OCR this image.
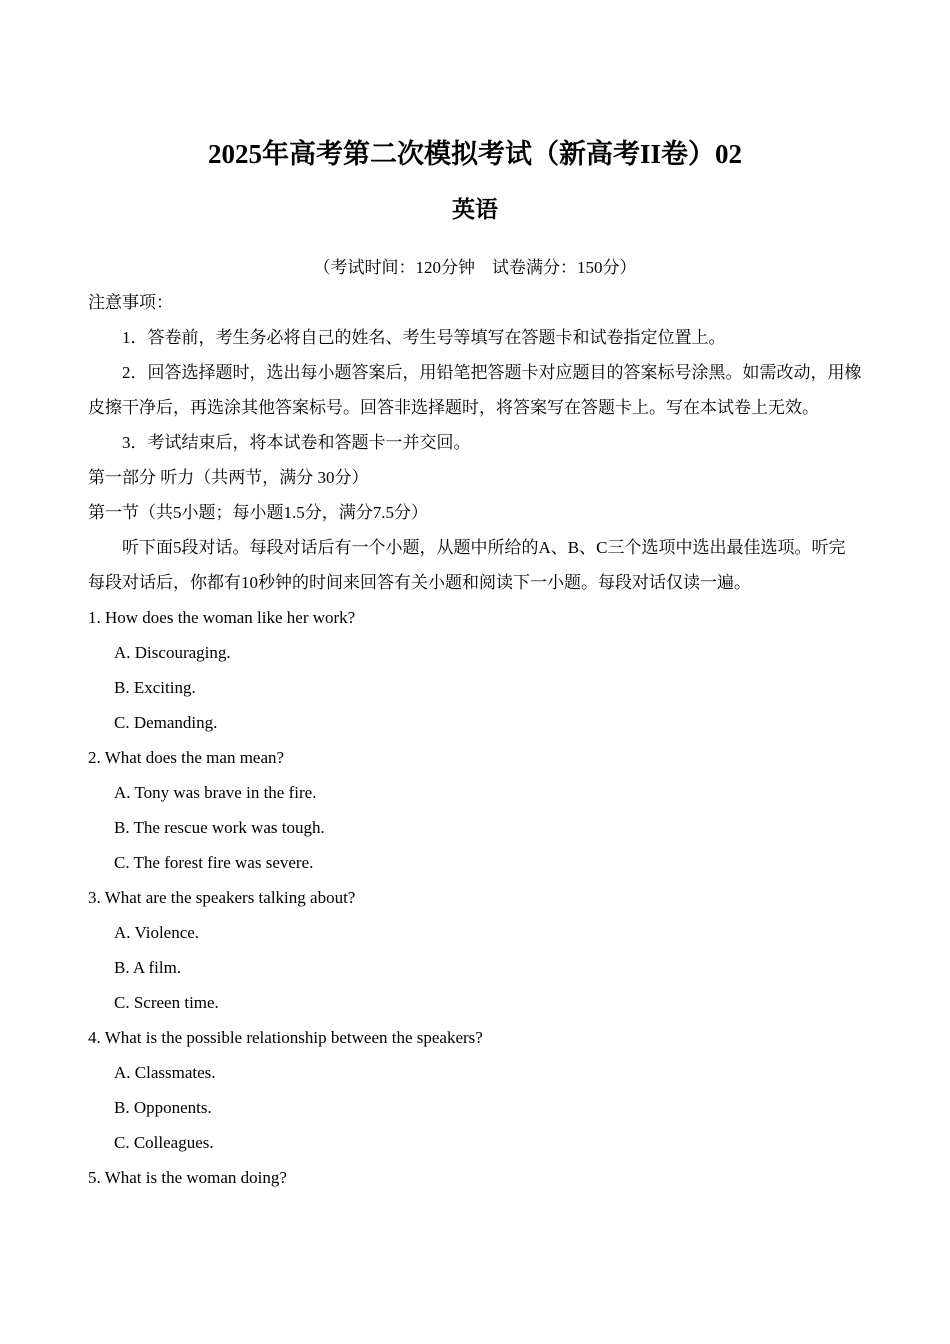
2025年高考第二次模拟考试（新高考II卷）02
英语

（考试时间：120分钟　试卷满分：150分）

注意事项：

1．答卷前，考生务必将自己的姓名、考生号等填写在答题卡和试卷指定位置上。

2．回答选择题时，选出每小题答案后，用铅笔把答题卡对应题目的答案标号涂黑。如需改动，用橡皮擦干净后，再选涂其他答案标号。回答非选择题时，将答案写在答题卡上。写在本试卷上无效。

3．考试结束后，将本试卷和答题卡一并交回。

第一部分 听力（共两节，满分 30分）

第一节（共5小题；每小题1.5分，满分7.5分）

听下面5段对话。每段对话后有一个小题，从题中所给的A、B、C三个选项中选出最佳选项。听完每段对话后，你都有10秒钟的时间来回答有关小题和阅读下一小题。每段对话仅读一遍。

1. How does the woman like her work?

A. Discouraging.

B. Exciting.

C. Demanding.

2. What does the man mean?

A. Tony was brave in the fire.

B. The rescue work was tough.

C. The forest fire was severe.

3. What are the speakers talking about?

A. Violence.

B. A film.

C. Screen time.

4. What is the possible relationship between the speakers?

A. Classmates.

B. Opponents.

C. Colleagues.

5. What is the woman doing?
